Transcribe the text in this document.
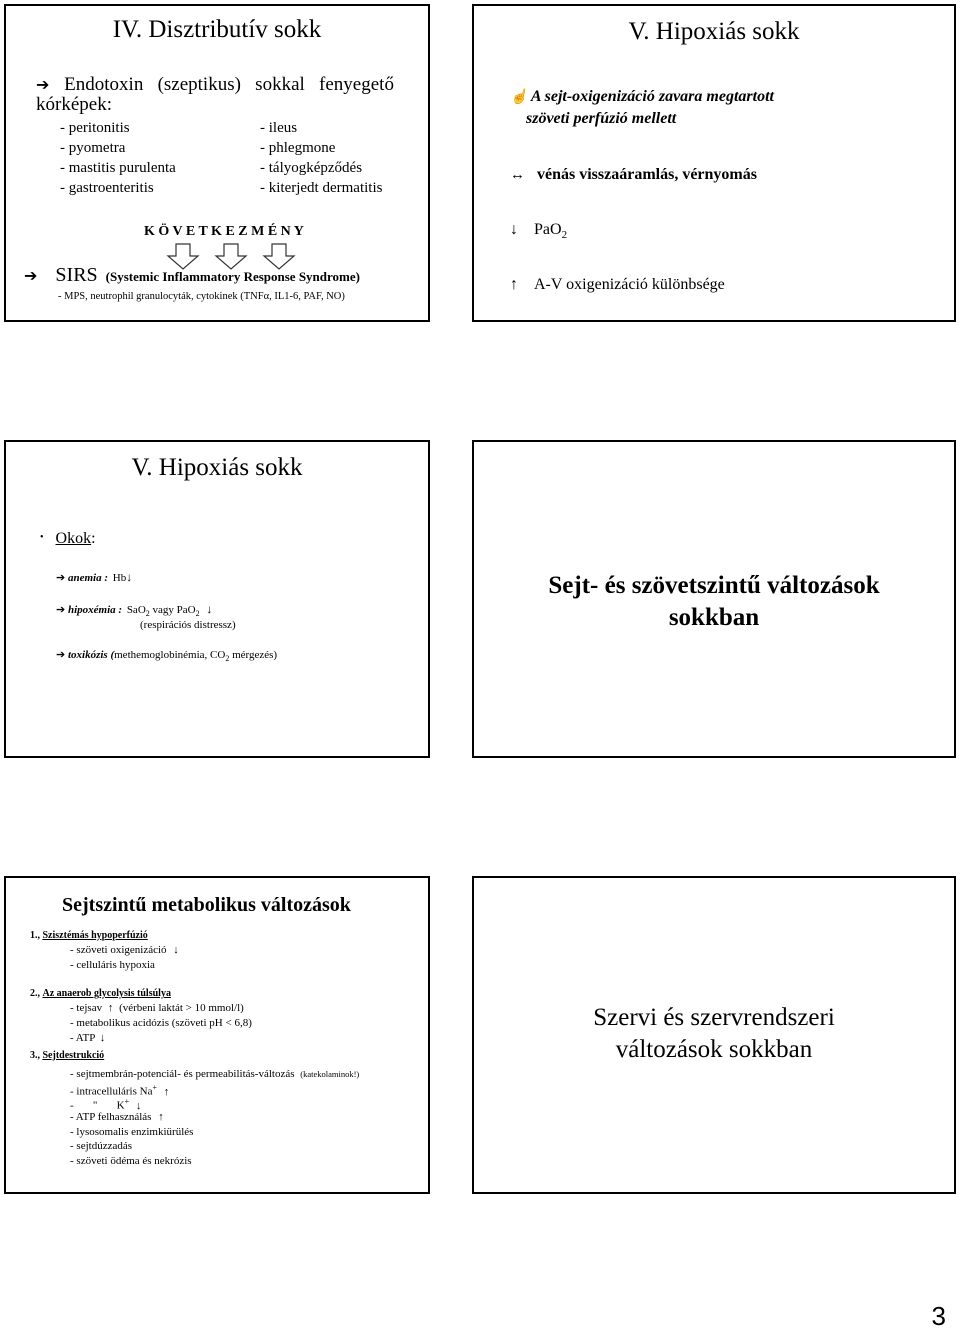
IV. Disztributív sokk
➔ Endotoxin   (szeptikus)   sokkal   fenyegető
kórképek:
- peritonitis
- pyometra
- mastitis purulenta
- gastroenteritis
- ileus
- phlegmone
- tályogképződés
- kiterjedt dermatitis
K Ö V E T K E Z M É N Y
➔ SIRS (Systemic Inflammatory Response Syndrome)
- MPS, neutrophil granulocyták, cytokinek (TNFα, IL1-6, PAF, NO)
V. Hipoxiás sokk
☝ A sejt-oxigenizáció zavara megtartott
szöveti perfúzió mellett
↔ vénás visszaáramlás, vérnyomás
↓ PaO$_2$
↑ A-V oxigenizáció különbsége
V. Hipoxiás sokk
• Okok:
➔ anemia : Hb↓
➔ hipoxémia : SaO$_2$ vagy PaO$_2$ ↓
(respirációs distressz)
➔ toxikózis (methemoglobinémia, $CO_2$ mérgezés)
Sejt- és szövetszintű változások
sokkban
Sejtszintű metabolikus változások
1., Szisztémás hypoperfúzió
- szöveti oxigenizáció ↓
- celluláris hypoxia
2., Az anaerob glycolysis túlsúlya
- tejsav ↑ (vérbeni laktát > 10 mmol/l)
- metabolikus acidózis (szöveti pH < 6,8)
- ATP ↓
3., Sejtdestrukció
- sejtmembrán-potenciál- és permeabilitás-változás (katekolaminok!)
- intracelluláris Na+ ↑
-       "       K+ ↓
- ATP felhasználás ↑
- lysosomalis enzimkiürülés
- sejtdúzzadás
- szöveti ödéma és nekrózis
Szervi és szervrendszeri
változások sokkban
3
